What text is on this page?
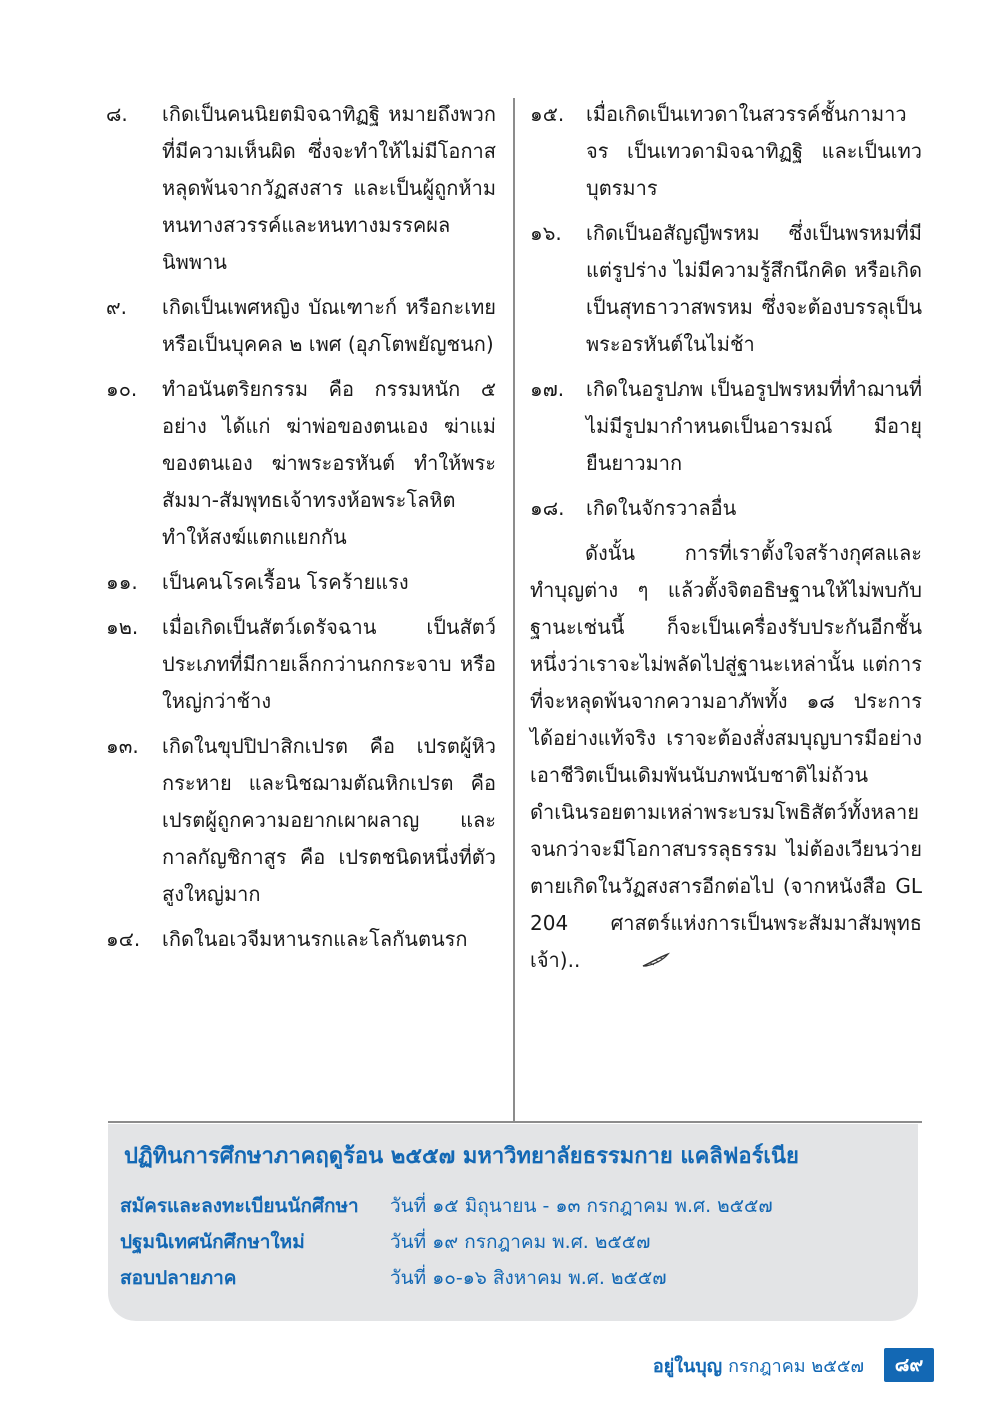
๘.	เกิดเป็นคนนิยตมิจฉาทิฏฐิ หมายถึงพวกที่มีความเห็นผิด ซึ่งจะทำให้ไม่มีโอกาสหลุดพ้นจากวัฏสงสาร และเป็นผู้ถูกห้ามหนทางสวรรค์และหนทางมรรคผล นิพพาน
๙.	เกิดเป็นเพศหญิง บัณเฑาะก์ หรือกะเทยหรือเป็นบุคคล ๒ เพศ (อุภโตพยัญชนก)
๑๐.	ทำอนันตริยกรรม คือ กรรมหนัก ๕ อย่าง ได้แก่ ฆ่าพ่อของตนเอง ฆ่าแม่ของตนเอง ฆ่าพระอรหันต์ ทำให้พระสัมมา-สัมพุทธเจ้าทรงห้อพระโลหิต ทำให้สงฆ์แตกแยกกัน
๑๑.	เป็นคนโรคเรื้อน โรคร้ายแรง
๑๒.	เมื่อเกิดเป็นสัตว์เดรัจฉาน เป็นสัตว์ประเภทที่มีกายเล็กกว่านกกระจาบ หรือใหญ่กว่าช้าง
๑๓.	เกิดในขุปปิปาสิกเปรต คือ เปรตผู้หิวกระหาย และนิชฌามตัณหิกเปรต คือ เปรตผู้ถูกความอยากเผาผลาญ และกาลกัญชิกาสูร คือ เปรตชนิดหนึ่งที่ตัวสูงใหญ่มาก
๑๔.	เกิดในอเวจีมหานรกและโลกันตนรก
๑๕.	เมื่อเกิดเป็นเทวดาในสวรรค์ชั้นกามาวจร เป็นเทวดามิจฉาทิฏฐิ และเป็นเทวบุตรมาร
๑๖.	เกิดเป็นอสัญญีพรหม ซึ่งเป็นพรหมที่มีแต่รูปร่าง ไม่มีความรู้สึกนึกคิด หรือเกิดเป็นสุทธาวาสพรหม ซึ่งจะต้องบรรลุเป็นพระอรหันต์ในไม่ช้า
๑๗.	เกิดในอรูปภพ เป็นอรูปพรหมที่ทำฌานที่ไม่มีรูปมากำหนดเป็นอารมณ์ มีอายุยืนยาวมาก
๑๘.	เกิดในจักรวาลอื่น

ดังนั้น การที่เราตั้งใจสร้างกุศลและทำบุญต่าง ๆ แล้วตั้งจิตอธิษฐานให้ไม่พบกับฐานะเช่นนี้ ก็จะเป็นเครื่องรับประกันอีกชั้นหนึ่งว่าเราจะไม่พลัดไปสู่ฐานะเหล่านั้น แต่การที่จะหลุดพ้นจากความอาภัพทั้ง ๑๘ ประการ ได้อย่างแท้จริง เราจะต้องสั่งสมบุญบารมีอย่างเอาชีวิตเป็นเดิมพันนับภพนับชาติไม่ถ้วน ดำเนินรอยตามเหล่าพระบรมโพธิสัตว์ทั้งหลาย จนกว่าจะมีโอกาสบรรลุธรรม ไม่ต้องเวียนว่ายตายเกิดในวัฏสงสารอีกต่อไป (จากหนังสือ GL 204 ศาสตร์แห่งการเป็นพระสัมมาสัมพุทธเจ้า)..

ปฏิทินการศึกษาภาคฤดูร้อน ๒๕๕๗ มหาวิทยาลัยธรรมกาย แคลิฟอร์เนีย
สมัครและลงทะเบียนนักศึกษา	วันที่ ๑๕ มิถุนายน - ๑๓ กรกฎาคม พ.ศ. ๒๕๕๗
ปฐมนิเทศนักศึกษาใหม่	วันที่ ๑๙ กรกฎาคม พ.ศ. ๒๕๕๗
สอบปลายภาค	วันที่ ๑๐-๑๖ สิงหาคม พ.ศ. ๒๕๕๗
อยู่ในบุญ กรกฎาคม ๒๕๕๗	๘๙
